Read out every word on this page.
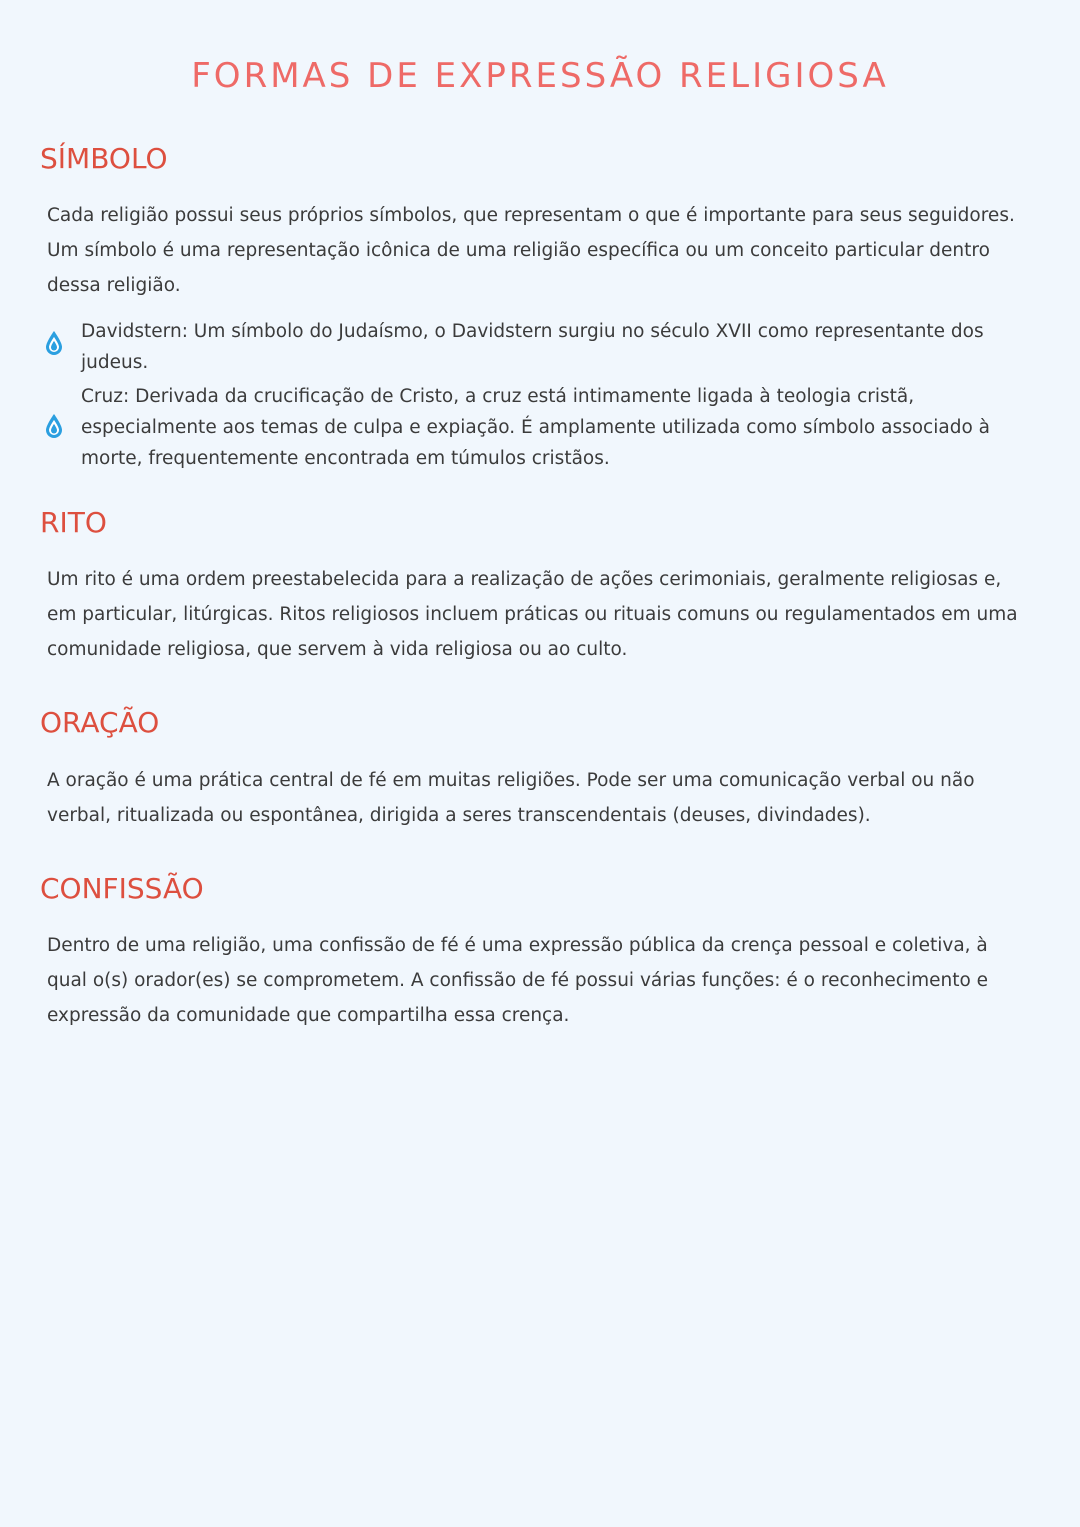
FORMAS DE EXPRESSÃO RELIGIOSA
SÍMBOLO

Cada religião possui seus próprios símbolos, que representam o que é importante para seus seguidores. Um símbolo é uma representação icônica de uma religião específica ou um conceito particular dentro dessa religião.

Davidstern: Um símbolo do Judaísmo, o Davidstern surgiu no século XVII como representante dos judeus.

Cruz: Derivada da crucificação de Cristo, a cruz está intimamente ligada à teologia cristã, especialmente aos temas de culpa e expiação. É amplamente utilizada como símbolo associado à morte, frequentemente encontrada em túmulos cristãos.

RITO

Um rito é uma ordem preestabelecida para a realização de ações cerimoniais, geralmente religiosas e, em particular, litúrgicas. Ritos religiosos incluem práticas ou rituais comuns ou regulamentados em uma comunidade religiosa, que servem à vida religiosa ou ao culto.

ORAÇÃO

A oração é uma prática central de fé em muitas religiões. Pode ser uma comunicação verbal ou não verbal, ritualizada ou espontânea, dirigida a seres transcendentais (deuses, divindades).

CONFISSÃO

Dentro de uma religião, uma confissão de fé é uma expressão pública da crença pessoal e coletiva, à qual o(s) orador(es) se comprometem. A confissão de fé possui várias funções: é o reconhecimento e expressão da comunidade que compartilha essa crença.
